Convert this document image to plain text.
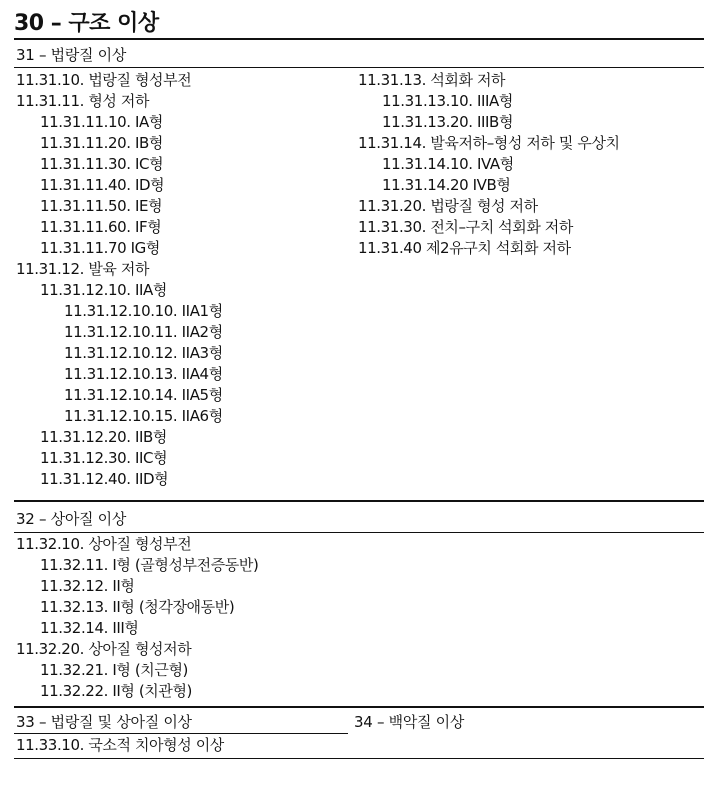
30 – 구조 이상
31 – 법랑질 이상
11.31.10. 법랑질 형성부전
11.31.11. 형성 저하
11.31.11.10. IA형
11.31.11.20. IB형
11.31.11.30. IC형
11.31.11.40. ID형
11.31.11.50. IE형
11.31.11.60. IF형
11.31.11.70 IG형
11.31.12. 발육 저하
11.31.12.10. IIA형
11.31.12.10.10. IIA1형
11.31.12.10.11. IIA2형
11.31.12.10.12. IIA3형
11.31.12.10.13. IIA4형
11.31.12.10.14. IIA5형
11.31.12.10.15. IIA6형
11.31.12.20. IIB형
11.31.12.30. IIC형
11.31.12.40. IID형
11.31.13. 석회화 저하
11.31.13.10. IIIA형
11.31.13.20. IIIB형
11.31.14. 발육저하–형성 저하 및 우상치
11.31.14.10. IVA형
11.31.14.20 IVB형
11.31.20. 법랑질 형성 저하
11.31.30. 전치–구치 석회화 저하
11.31.40 제2유구치 석회화 저하
32 – 상아질 이상
11.32.10. 상아질 형성부전
11.32.11. I형 (골형성부전증동반)
11.32.12. II형
11.32.13. II형 (청각장애동반)
11.32.14. III형
11.32.20. 상아질 형성저하
11.32.21. I형 (치근형)
11.32.22. II형 (치관형)
33 – 법랑질 및 상아질 이상	34 – 백악질 이상
11.33.10. 국소적 치아형성 이상
